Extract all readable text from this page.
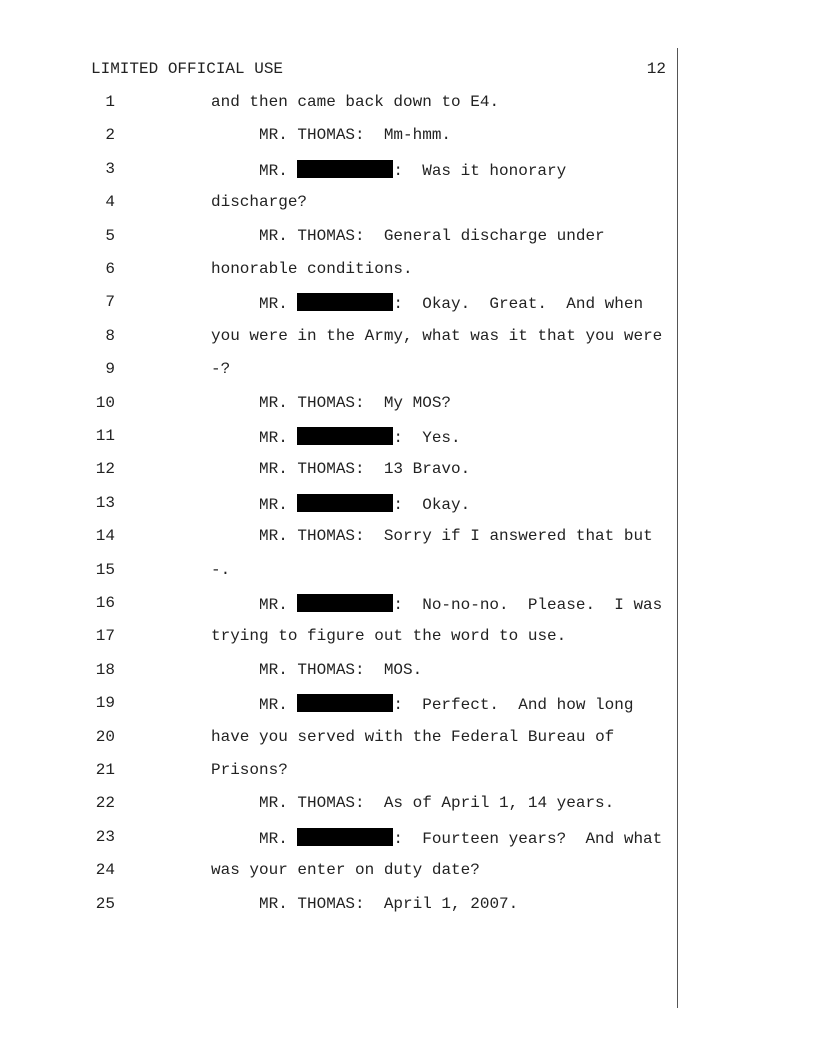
LIMITED OFFICIAL USE	12
1	and then came back down to E4.
2	MR. THOMAS:  Mm-hmm.
3	MR.	:  Was it honorary
4	discharge?
5	MR. THOMAS:  General discharge under
6	honorable conditions.
7	MR.	:  Okay.  Great.  And when
8	you were in the Army, what was it that you were
9	-?
10	MR. THOMAS:  My MOS?
11	MR.	:  Yes.
12	MR. THOMAS:  13 Bravo.
13	MR.	:  Okay.
14	MR. THOMAS:  Sorry if I answered that but
15	-.
16	MR.	:  No-no-no.  Please.  I was
17	trying to figure out the word to use.
18	MR. THOMAS:  MOS.
19	MR.	:  Perfect.  And how long
20	have you served with the Federal Bureau of
21	Prisons?
22	MR. THOMAS:  As of April 1, 14 years.
23	MR.	:  Fourteen years?  And what
24	was your enter on duty date?
25	MR. THOMAS:  April 1, 2007.
